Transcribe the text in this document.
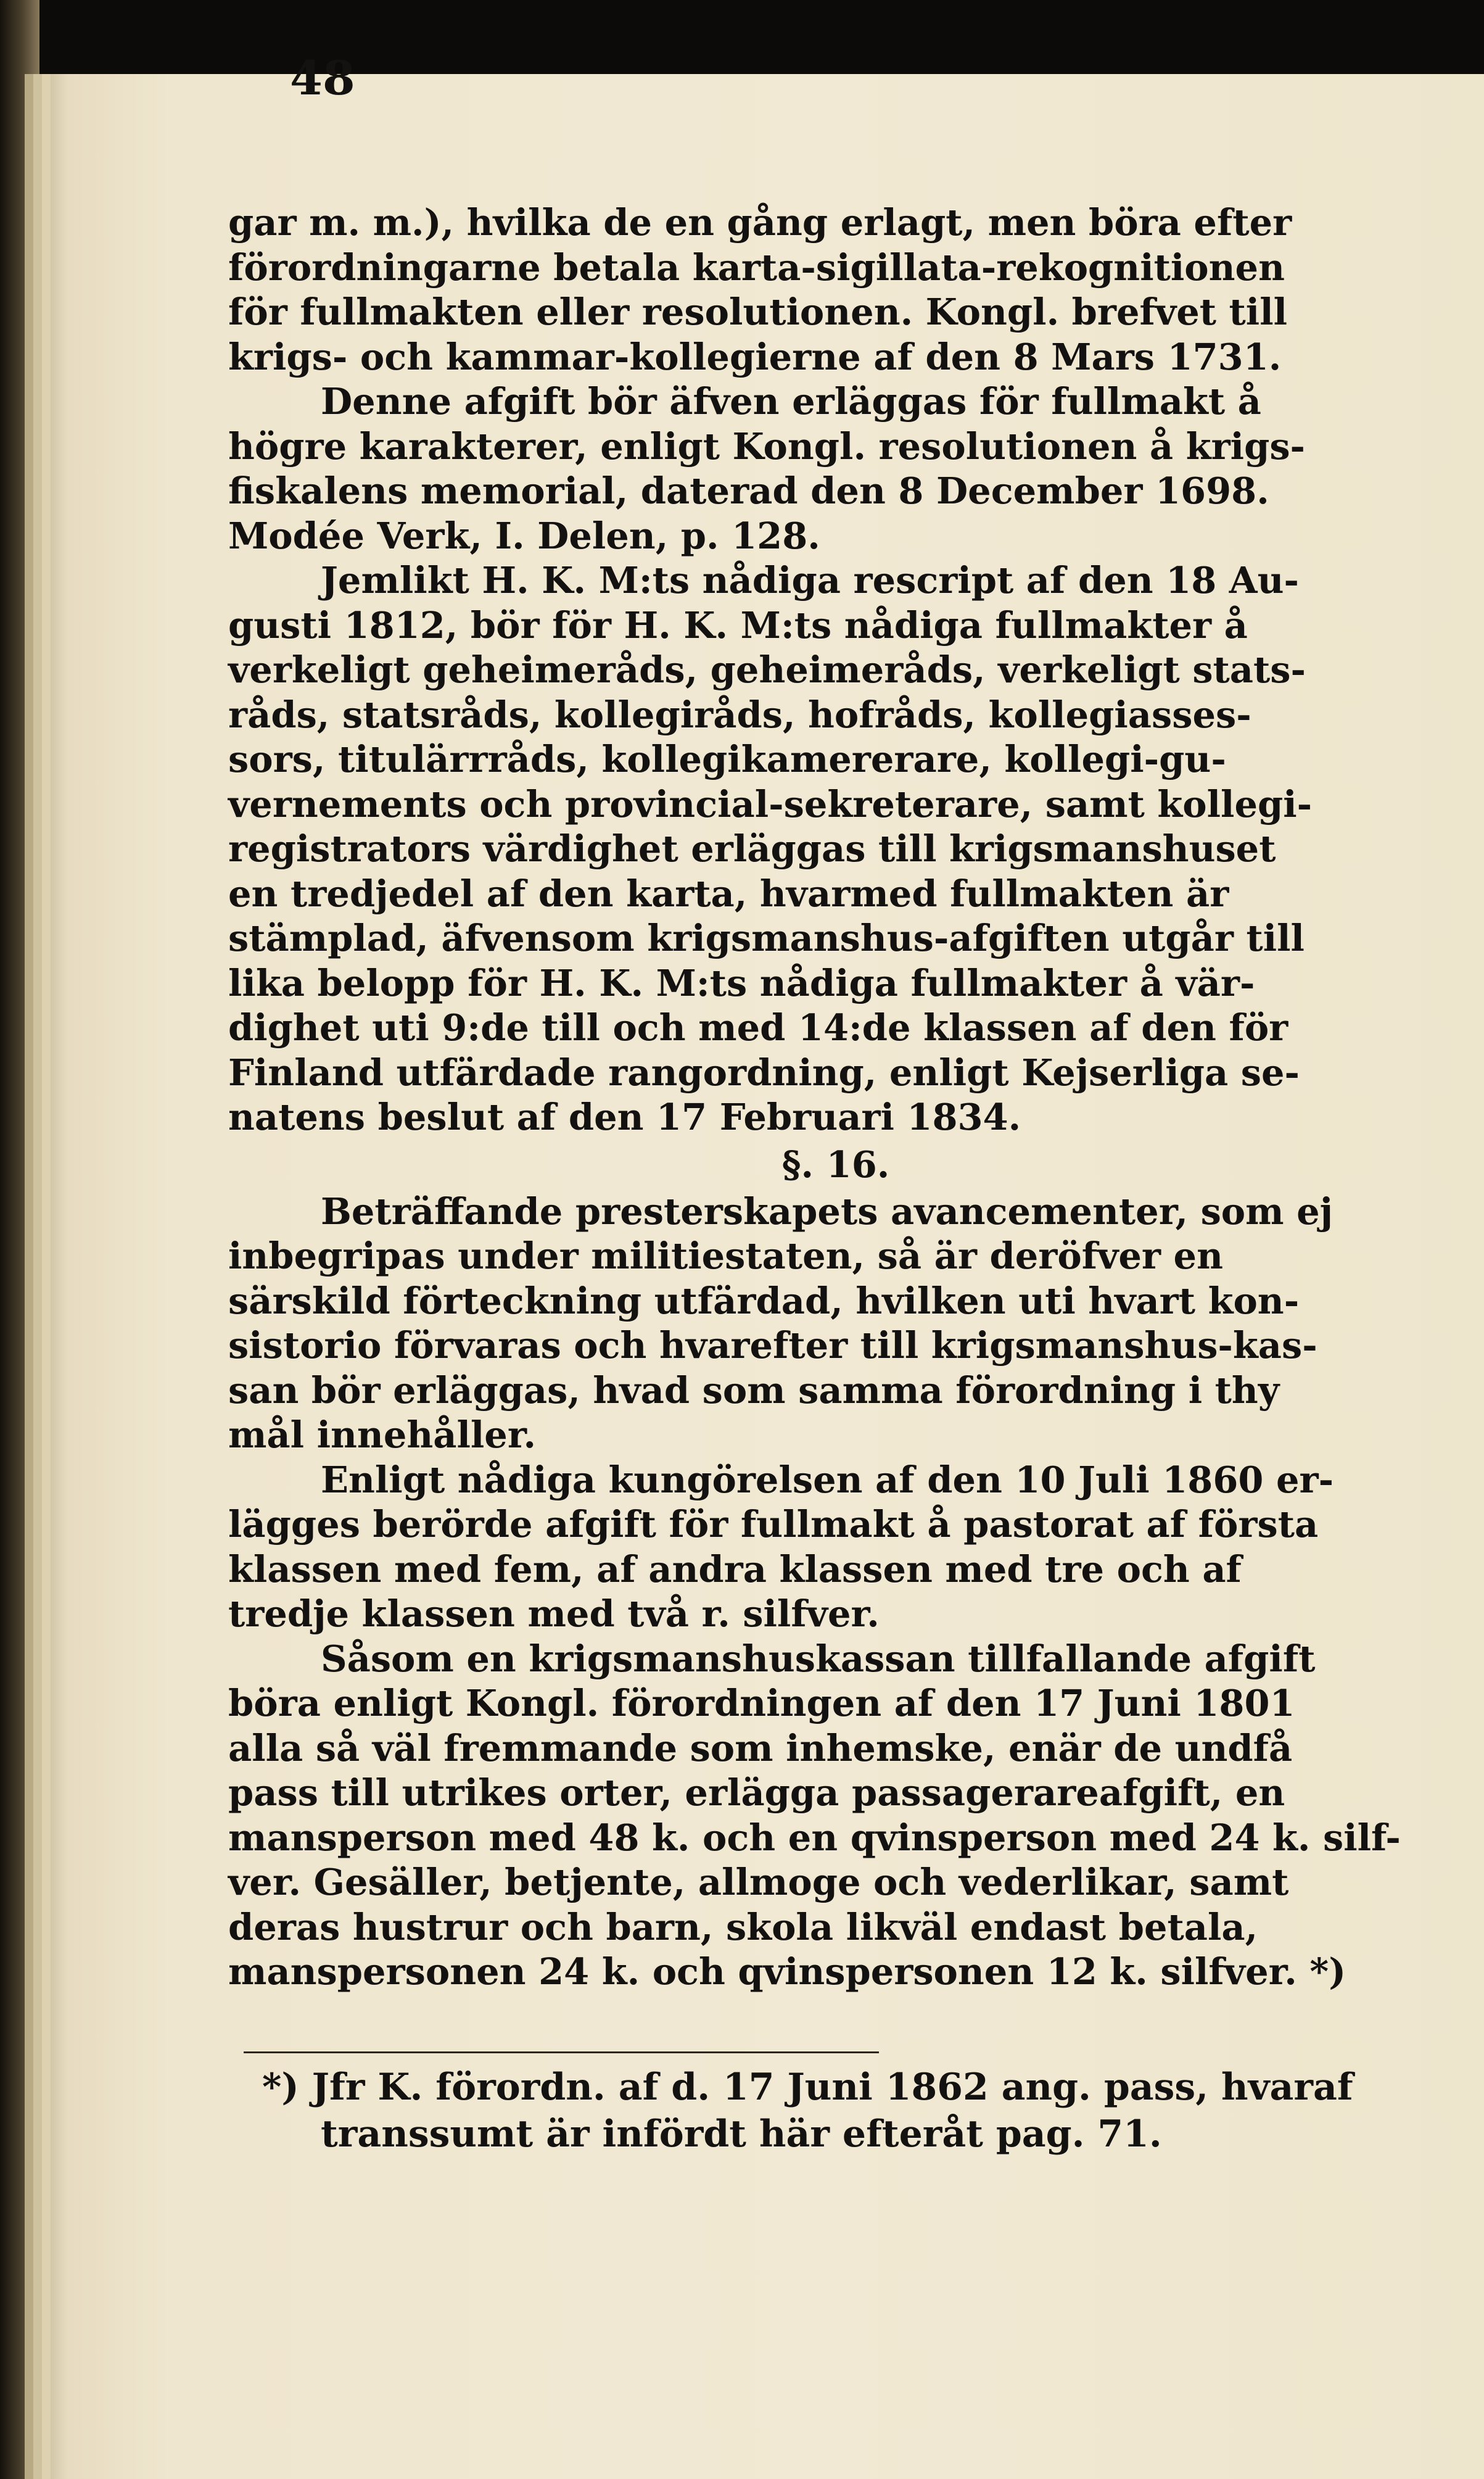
48

gar m. m.), hvilka de en gång erlagt, men böra efter

förordningarne betala karta-sigillata-rekognitionen

för fullmakten eller resolutionen. Kongl. brefvet till

krigs- och kammar-kollegierne af den 8 Mars 1731.

Denne afgift bör äfven erläggas för fullmakt å

högre karakterer, enligt Kongl. resolutionen å krigs-

fiskalens memorial, daterad den 8 December 1698.

Modée Verk, I. Delen, p. 128.

Jemlikt H. K. M:ts nådiga rescript af den 18 Au-

gusti 1812, bör för H. K. M:ts nådiga fullmakter å

verkeligt geheimeråds, geheimeråds, verkeligt stats-

råds, statsråds, kollegiråds, hofråds, kollegiasses-

sors, titulärrråds, kollegikamererare, kollegi-gu-

vernements och provincial-sekreterare, samt kollegi-

registrators värdighet erläggas till krigsmanshuset

en tredjedel af den karta, hvarmed fullmakten är

stämplad, äfvensom krigsmanshus-afgiften utgår till

lika belopp för H. K. M:ts nådiga fullmakter å vär-

dighet uti 9:de till och med 14:de klassen af den för

Finland utfärdade rangordning, enligt Kejserliga se-

natens beslut af den 17 Februari 1834.

§. 16.

Beträffande presterskapets avancementer, som ej

inbegripas under militiestaten, så är deröfver en

särskild förteckning utfärdad, hvilken uti hvart kon-

sistorio förvaras och hvarefter till krigsmanshus-kas-

san bör erläggas, hvad som samma förordning i thy

mål innehåller.

Enligt nådiga kungörelsen af den 10 Juli 1860 er-

lägges berörde afgift för fullmakt å pastorat af första

klassen med fem, af andra klassen med tre och af

tredje klassen med två r. silfver.

Såsom en krigsmanshuskassan tillfallande afgift

böra enligt Kongl. förordningen af den 17 Juni 1801

alla så väl fremmande som inhemske, enär de undfå

pass till utrikes orter, erlägga passagerareafgift, en

mansperson med 48 k. och en qvinsperson med 24 k. silf-

ver. Gesäller, betjente, allmoge och vederlikar, samt

deras hustrur och barn, skola likväl endast betala,

manspersonen 24 k. och qvinspersonen 12 k. silfver. *)

*) Jfr K. förordn. af d. 17 Juni 1862 ang. pass, hvaraf
transsumt är infördt här efteråt pag. 71.
